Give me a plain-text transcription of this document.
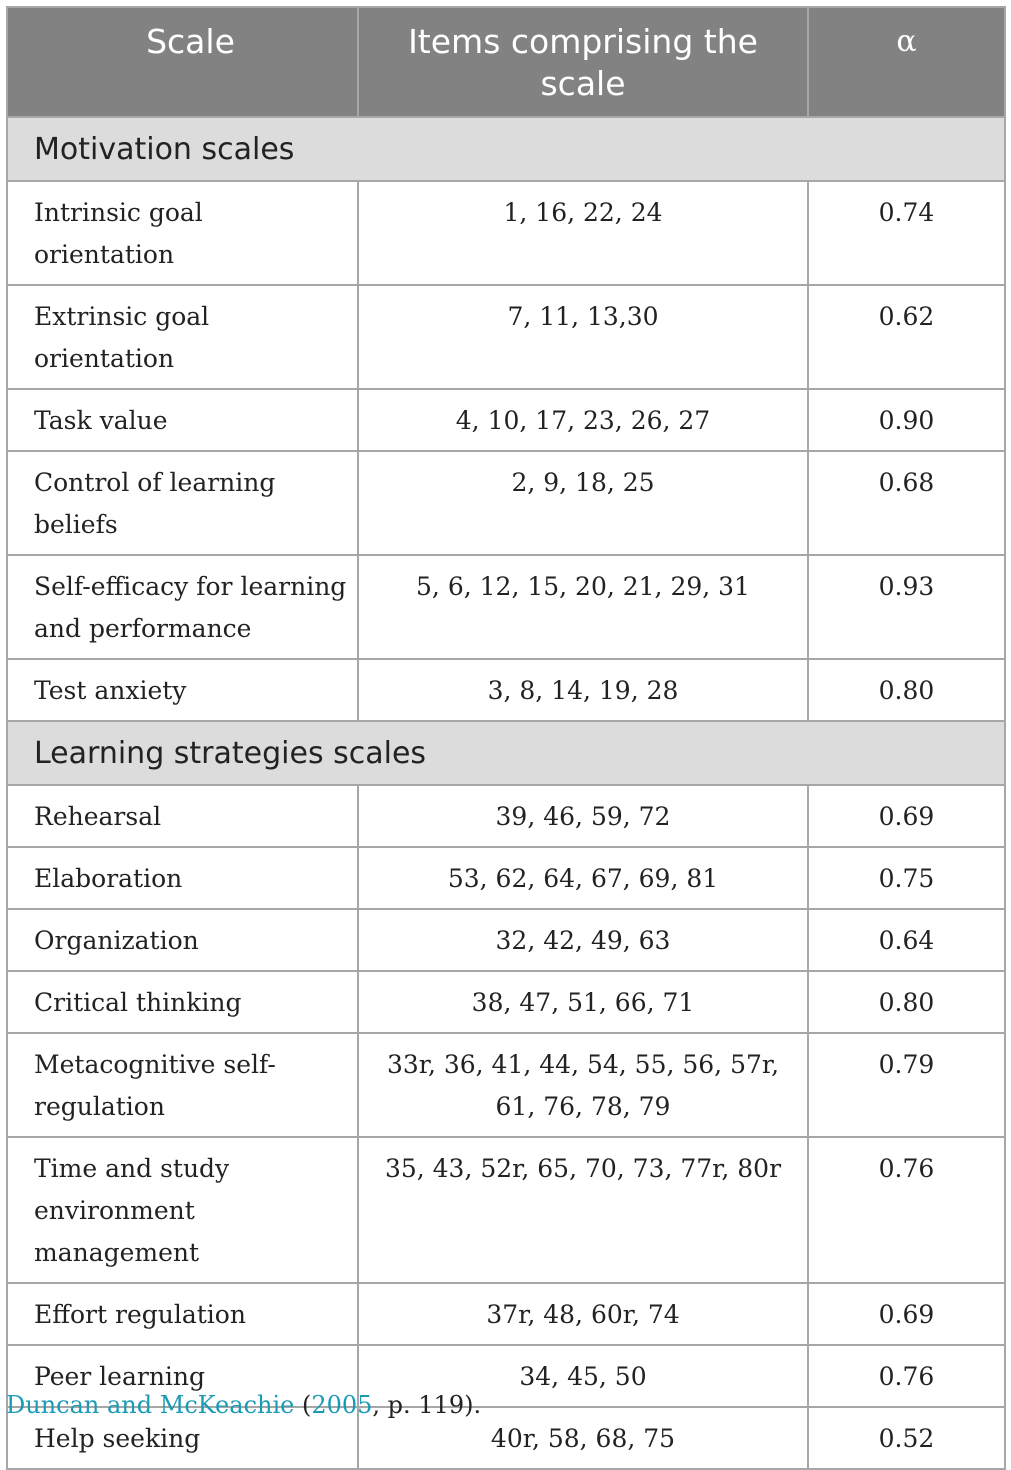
Scale	Items comprising the scale	α
Motivation scales		
Intrinsic goal orientation	1, 16, 22, 24	0.74
Extrinsic goal orientation	7, 11, 13,30	0.62
Task value	4, 10, 17, 23, 26, 27	0.90
Control of learning beliefs	2, 9, 18, 25	0.68
Self-efficacy for learning and performance	5, 6, 12, 15, 20, 21, 29, 31	0.93
Test anxiety	3, 8, 14, 19, 28	0.80
Learning strategies scales		
Rehearsal	39, 46, 59, 72	0.69
Elaboration	53, 62, 64, 67, 69, 81	0.75
Organization	32, 42, 49, 63	0.64
Critical thinking	38, 47, 51, 66, 71	0.80
Metacognitive self-regulation	33r, 36, 41, 44, 54, 55, 56, 57r, 61, 76, 78, 79	0.79
Time and study environment management	35, 43, 52r, 65, 70, 73, 77r, 80r	0.76
Effort regulation	37r, 48, 60r, 74	0.69
Peer learning	34, 45, 50	0.76
Help seeking	40r, 58, 68, 75	0.52
Duncan and McKeachie (2005, p. 119).
